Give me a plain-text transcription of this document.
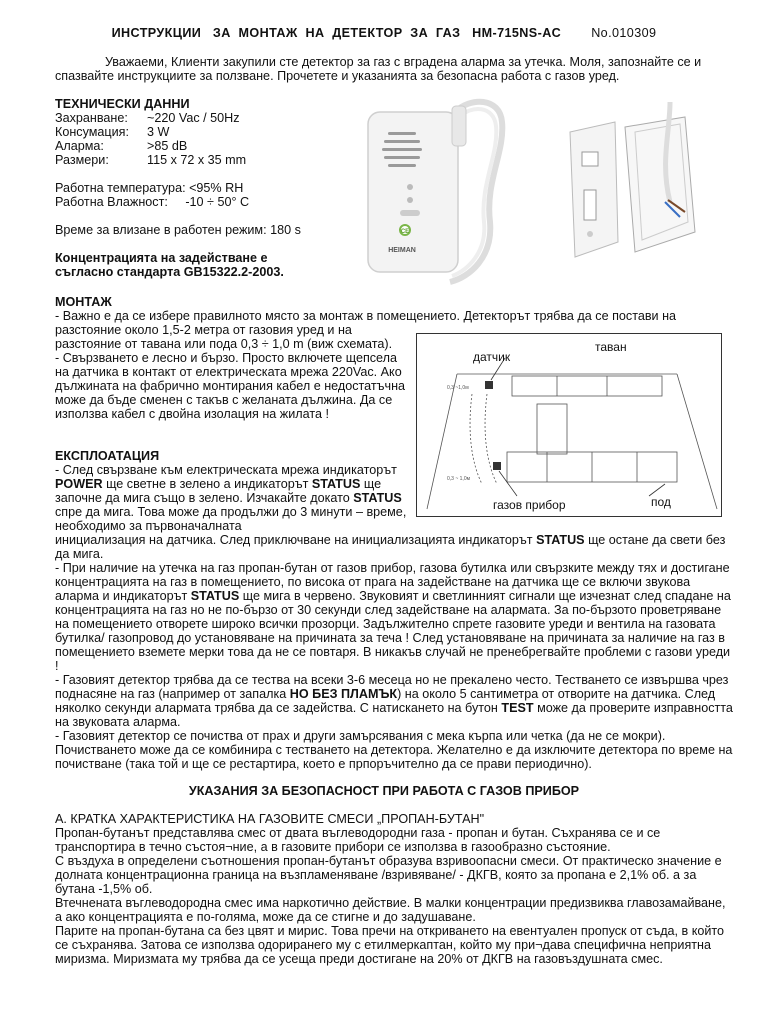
ИНСТРУКЦИИ   ЗА  МОНТАЖ  НА  ДЕТЕКТОР  ЗА  ГАЗ   HM-715NS-AC No.010309
Уважаеми, Клиенти закупили сте детектор за газ с вградена аларма за утечка. Моля, запознайте се и спазвайте инструкциите за ползване. Прочетете и указанията за безопасна работа с газов уред.
ТЕХНИЧЕСКИ ДАННИ
Захранване:	~220 Vac / 50Hz
Консумация:	3 W
Аларма:	>85 dB
Размери:	115 x 72 x 35 mm
Работна температура: <95% RH
Работна Влажност:     -10 ÷ 50° C
Време за влизане в работен режим: 180 s
Концентрацията на задействане е съгласно стандарта GB15322.2-2003.
CE
HEIMAN
МОНТАЖ
- Важно е да се избере правилното място за монтаж в помещението. Детекторът трябва да се постави на
разстояние около 1,5-2 метра от газовия уред и на разстояние от тавана или пода 0,3 ÷ 1,0 m (виж схемата).
- Свързването е лесно и бързо. Просто включете щепсела на датчика в контакт от електрическата мрежа 220Vac. Ако дължината на фабрично монтирания кабел е недостатъчна може да бъде сменен с такъв с желаната дължина. Да се използва кабел с двойна изолация на жилата !
0,3 ~1,0м
0,3 ~ 1,0м
датчик
таван
газов прибор	под
ЕКСПЛОАТАЦИЯ
- След свързване към електрическата мрежа индикаторът POWER ще светне в зелено а индикаторът STATUS ще започне да мига също в зелено. Изчакайте докато STATUS спре да мига. Това може да продължи до 3 минути – време, необходимо за първоначалната
инициализация на датчика. След приключване на инициализацията индикаторът STATUS ще остане да свети без да мига.
- При наличие на утечка на газ пропан-бутан от газов прибор, газова бутилка или свързките между тях и достигане концентрацията на газ в помещението, по висока от прага на задействане на датчика ще се включи звукова аларма и индикаторът STATUS ще мига в червено. Звуковият и светлинният сигнали ще изчезнат след спадане на концентрацията на газ но не по-бързо от 30 секунди след задействане на алармата. За по-бързото проветряване на помещението отворете широко всички прозорци. Задължително спрете газовите уреди и вентила на газовата бутилка/ газопровод до установяване на причината за теча ! След установяване на причината за наличие на газ в помещението вземете мерки това да не се повтаря. В никакъв случай не пренебрегвайте проблеми с газови уреди !
- Газовият детектор трябва да се тества на всеки 3-6 месеца но не прекалено често. Тестването се извършва чрез поднасяне на газ (например от запалка НО БЕЗ ПЛАМЪК) на около 5 сантиметра от отворите на датчика. След няколко секунди алармата трябва да се задейства. С натискането на бутон TEST може да проверите изправността на звуковата аларма.
- Газовият детектор се почиства от прах и други замърсявания с мека кърпа или четка (да не се мокри). Почистването може да се комбинира с тестването на детектора. Желателно е да изключите детектора по време на почистване (така той и ще се рестартира, което е прпоръчително да се прави периодично).
УКАЗАНИЯ ЗА БЕЗОПАСНОСТ ПРИ РАБОТА С ГАЗОВ ПРИБОР
А. КРАТКА ХАРАКТЕРИСТИКА НА ГАЗОВИТЕ СМЕСИ „ПРОПАН-БУТАН"
Пропан-бутанът представлява смес от двата въглеводородни газа - пропан и бутан. Съхранява се и се транспортира в течно състоя¬ние, а в газовите прибори се използва в газообразно състояние.
С въздуха в определени съотношения пропан-бутанът образува взривоопасни смеси. От практическо значение е долната концентрационна граница на възпламеняване /взривяване/ - ДКГВ, която за пропана е 2,1% об. а за бутана -1,5% об.
Втечнената въглеводородна смес има наркотично действие. В малки концентрации предизвиква главозамайване, а ако концентрацията е по-голяма, може да се стигне и до задушаване.
Парите на пропан-бутана са без цвят и мирис. Това пречи на откриването на евентуален пропуск от съда, в който се съхранява. Затова се използва одориранего му с етилмеркаптан, който му при¬дава специфична неприятна миризма. Миризмата му трябва да се усеща преди достигане на 20% от ДКГВ на газовъздушната смес.
